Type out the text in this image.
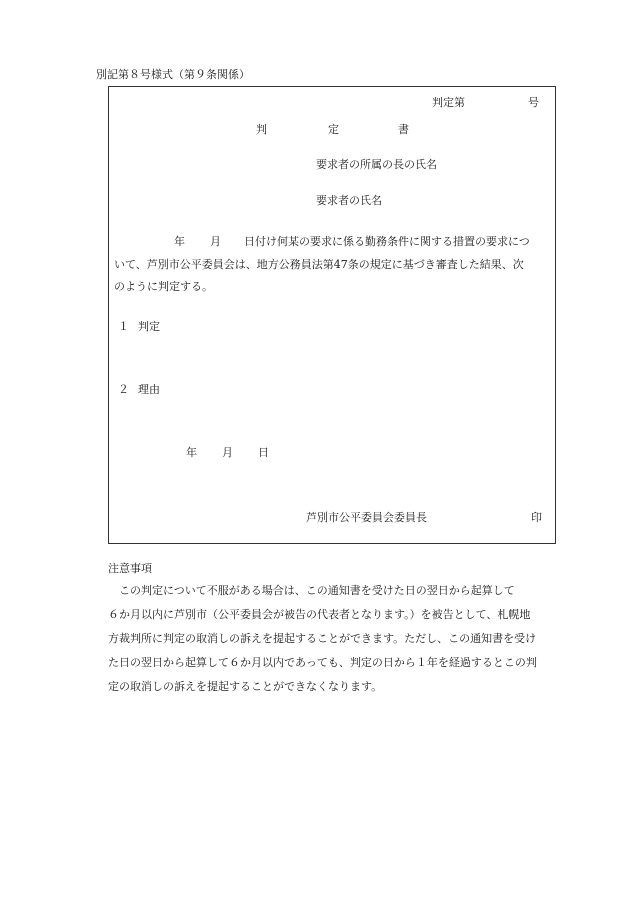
別記第８号様式（第９条関係）
判定第	号
判	定	書
要求者の所属の長の氏名
要求者の氏名
年 月 日付け何某の要求に係る勤務条件に関する措置の要求につ
いて、芦別市公平委員会は、地方公務員法第47条の規定に基づき審査した結果、次
のように判定する。
１ 判定
２ 理由
年 月 日
芦別市公平委員会委員長	印
注意事項
この判定について不服がある場合は、この通知書を受けた日の翌日から起算して
６か月以内に芦別市（公平委員会が被告の代表者となります。）を被告として、札幌地
方裁判所に判定の取消しの訴えを提起することができます。ただし、この通知書を受け
た日の翌日から起算して６か月以内であっても、判定の日から１年を経過するとこの判
定の取消しの訴えを提起することができなくなります。
